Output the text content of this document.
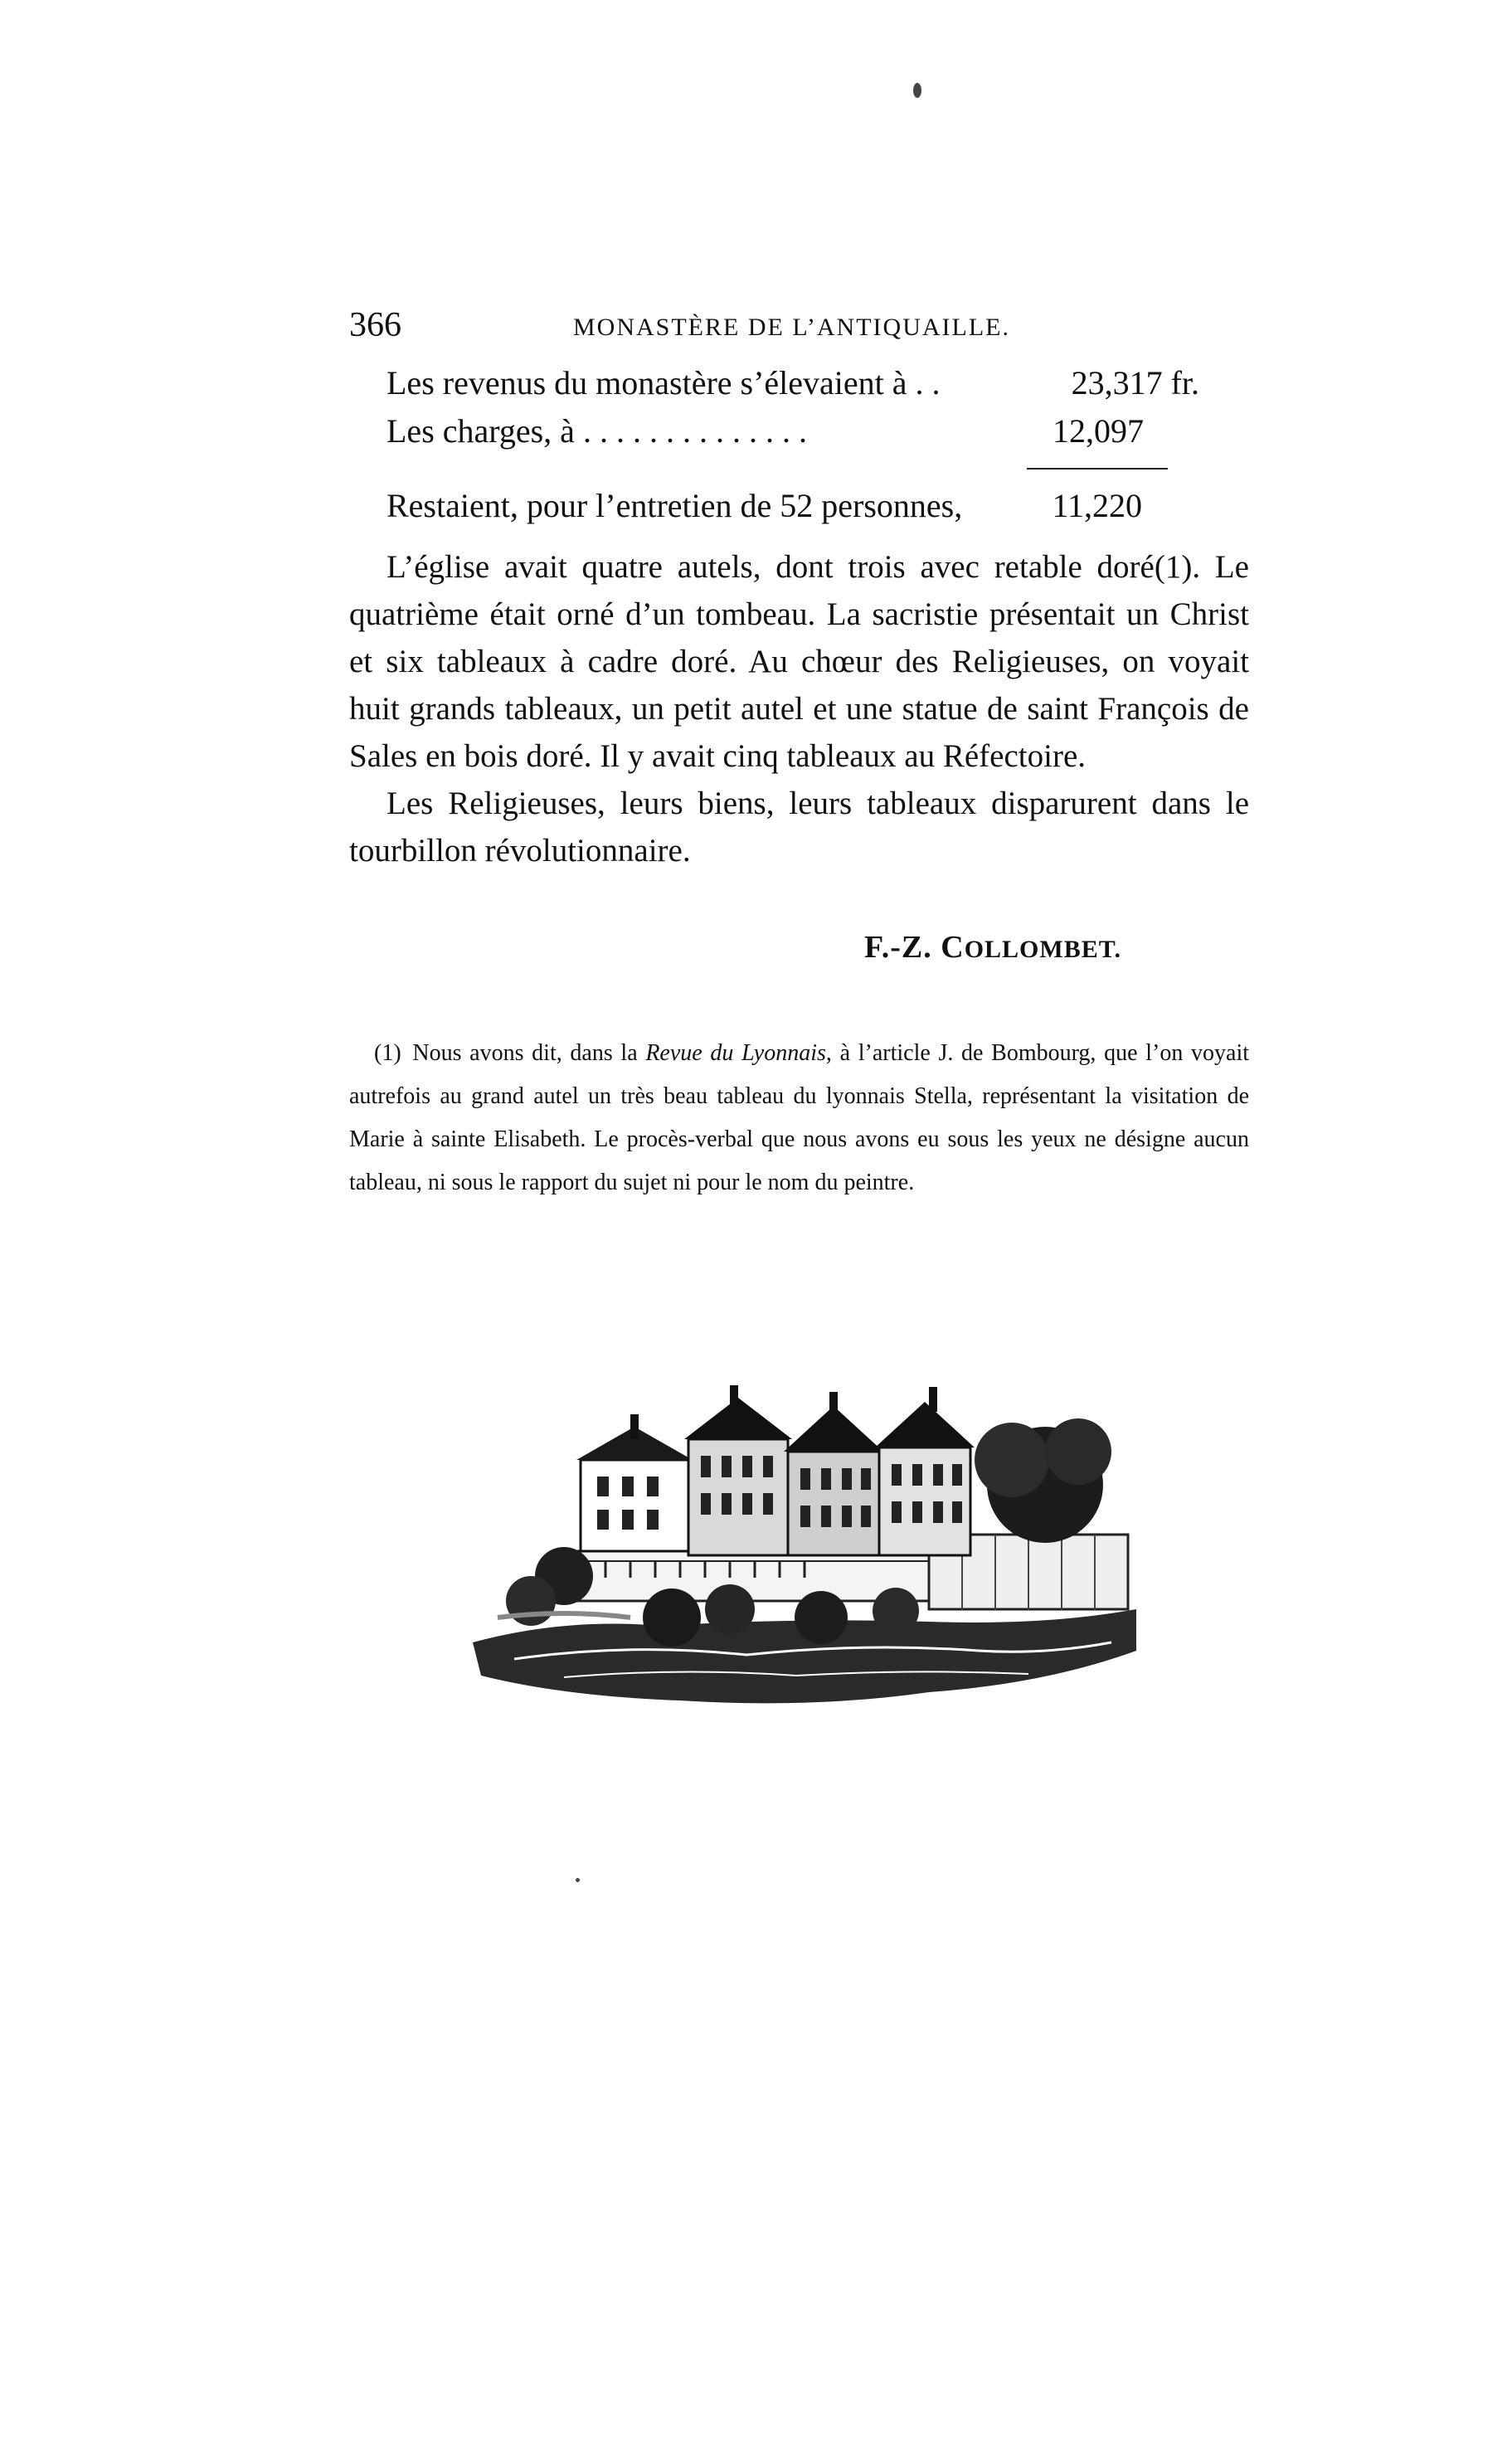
366	MONASTÈRE DE L’ANTIQUAILLE.
Les revenus du monastère s’élevaient à . .	23,317 fr.
Les charges, à ..............	12,097
Restaient, pour l’entretien de 52 personnes,	11,220

L’église avait quatre autels, dont trois avec retable doré(1). Le quatrième était orné d’un tombeau. La sacristie présentait un Christ et six tableaux à cadre doré. Au chœur des Religieuses, on voyait huit grands tableaux, un petit autel et une statue de saint François de Sales en bois doré. Il y avait cinq tableaux au Réfectoire.

Les Religieuses, leurs biens, leurs tableaux disparurent dans le tourbillon révolutionnaire.

F.-Z. COLLOMBET.

(1) Nous avons dit, dans la Revue du Lyonnais, à l’article J. de Bombourg, que l’on voyait autrefois au grand autel un très beau tableau du lyonnais Stella, représentant la visitation de Marie à sainte Elisabeth. Le procès-verbal que nous avons eu sous les yeux ne désigne aucun tableau, ni sous le rapport du sujet ni pour le nom du peintre.
